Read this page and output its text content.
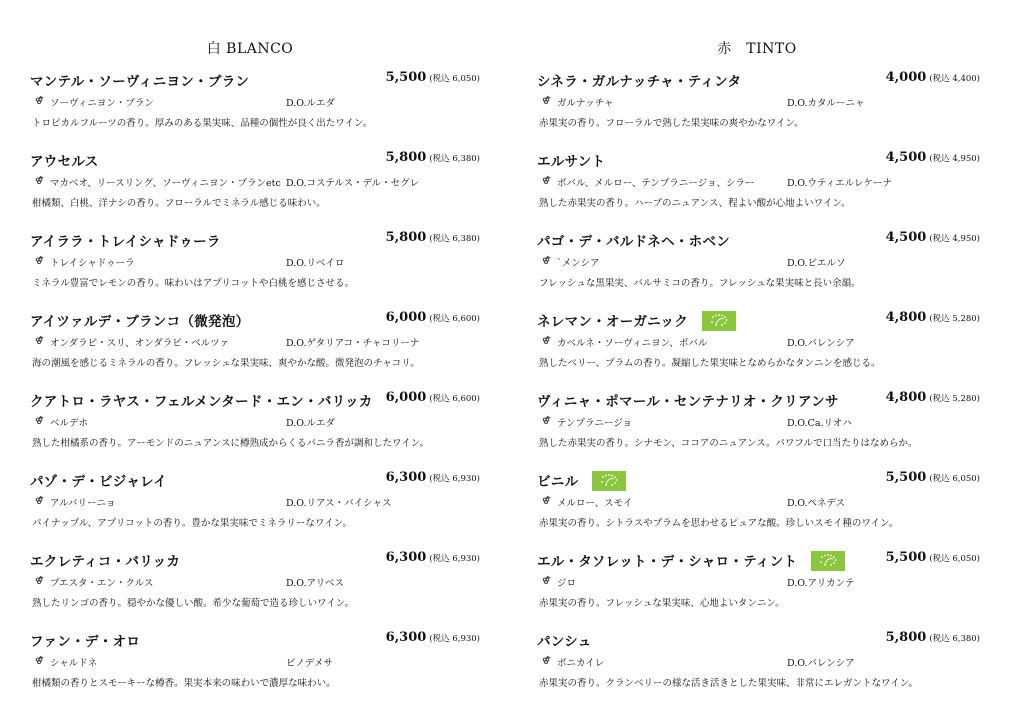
白 BLANCO
マンテル・ソーヴィニヨン・ブラン	5,500 (税込 6,050)
ソーヴィニヨン・ブラン	D.O.ルエダ
トロピカルフルーツの香り。厚みのある果実味、品種の個性が良く出たワイン。
アウセルス	5,800 (税込 6,380)
マカベオ、リースリング、ソーヴィニヨン・ブランetc D.O.コステルス・デル・セグレ
柑橘類、白桃、洋ナシの香り。フローラルでミネラル感じる味わい。
アイララ・トレイシャドゥーラ	5,800 (税込 6,380)
トレイシャドゥーラ	D.O.リベイロ
ミネラル豊富でレモンの香り。味わいはアプリコットや白桃を感じさせる。
アイツァルデ・ブランコ（微発泡）	6,000 (税込 6,600)
オンダラビ・スリ、オンダラビ・ベルツァ	D.O.ゲタリアコ・チャコリーナ
海の潮風を感じるミネラルの香り。フレッシュな果実味、爽やかな酸。微発泡のチャコリ。
クアトロ・ラヤス・フェルメンタード・エン・バリッカ 6,000 (税込 6,600)
ベルデホ	D.O.ルエダ
熟した柑橘系の香り。アーモンドのニュアンスに樽熟成からくるバニラ香が調和したワイン。
パゾ・デ・ビジャレイ	6,300 (税込 6,930)
アルバリーニョ	D.O.リアス・バイシャス
パイナップル、アプリコットの香り。豊かな果実味でミネラリーなワイン。
エクレティコ・バリッカ	6,300 (税込 6,930)
プエスタ・エン・クルス	D.O.アリベス
熟したリンゴの香り。穏やかな優しい酸。希少な葡萄で造る珍しいワイン。
ファン・デ・オロ	6,300 (税込 6,930)
シャルドネ	ビノデメサ
柑橘類の香りとスモーキーな樽香。果実本来の味わいで濃厚な味わい。
赤　TINTO
シネラ・ガルナッチャ・ティンタ	4,000 (税込 4,400)
ガルナッチャ	D.O.カタルーニャ
赤果実の香り。フローラルで熟した果実味の爽やかなワイン。
エルサント	4,500 (税込 4,950)
ボバル、メルロー、テンプラニージョ、シラー	D.O.ウティエルレケーナ
熟した赤果実の香り。ハーブのニュアンス、程よい酸が心地よいワイン。
パゴ・デ・バルドネヘ・ホベン	4,500 (税込 4,950)
`メンシア	D.O.ビエルソ
フレッシュな黒果実、バルサミコの香り。フレッシュな果実味と長い余韻。
ネレマン・オーガニック	4,800 (税込 5,280)
カベルネ・ソーヴィニヨン、ボバル	D.O.バレンシア
熟したベリー、プラムの香り。凝縮した果実味となめらかなタンニンを感じる。
ヴィニャ・ポマール・センテナリオ・クリアンサ	4,800 (税込 5,280)
テンプラニージョ	D.O.Ca.リオハ
熟した赤果実の香り。シナモン、ココアのニュアンス。パワフルで口当たりはなめらか。
ビニル	5,500 (税込 6,050)
メルロー、スモイ	D.O.ペネデス
赤果実の香り。シトラスやプラムを思わせるピュアな酸。珍しいスモイ種のワイン。
エル・タソレット・デ・シャロ・ティント	5,500 (税込 6,050)
ジロ	D.O.アリカンテ
赤果実の香り。フレッシュな果実味、心地よいタンニン。
パンシュ	5,800 (税込 6,380)
ボニカイレ	D.O.バレンシア
赤果実の香り。クランベリーの様な活き活きとした果実味、非常にエレガントなワイン。
